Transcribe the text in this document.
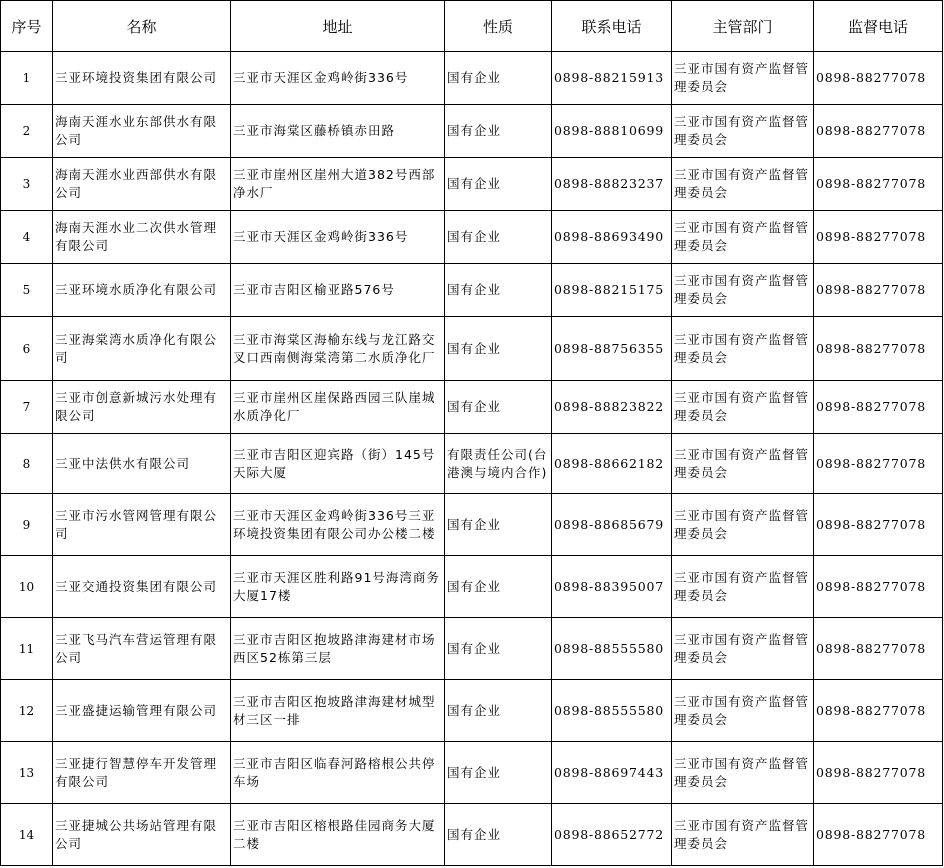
序号	名称	地址	性质	联系电话	主管部门	监督电话
1	三亚环境投资集团有限公司	三亚市天涯区金鸡岭街336号	国有企业	0898-88215913	三亚市国有资产监督管理委员会	0898-88277078
2	海南天涯水业东部供水有限公司	三亚市海棠区藤桥镇赤田路	国有企业	0898-88810699	三亚市国有资产监督管理委员会	0898-88277078
3	海南天涯水业西部供水有限公司	三亚市崖州区崖州大道382号西部净水厂	国有企业	0898-88823237	三亚市国有资产监督管理委员会	0898-88277078
4	海南天涯水业二次供水管理有限公司	三亚市天涯区金鸡岭街336号	国有企业	0898-88693490	三亚市国有资产监督管理委员会	0898-88277078
5	三亚环境水质净化有限公司	三亚市吉阳区榆亚路576号	国有企业	0898-88215175	三亚市国有资产监督管理委员会	0898-88277078
6	三亚海棠湾水质净化有限公司	三亚市海棠区海榆东线与龙江路交叉口西南侧海棠湾第二水质净化厂	国有企业	0898-88756355	三亚市国有资产监督管理委员会	0898-88277078
7	三亚市创意新城污水处理有限公司	三亚市崖州区崖保路西园三队崖城水质净化厂	国有企业	0898-88823822	三亚市国有资产监督管理委员会	0898-88277078
8	三亚中法供水有限公司	三亚市吉阳区迎宾路（街）145号天际大厦	有限责任公司(台港澳与境内合作)	0898-88662182	三亚市国有资产监督管理委员会	0898-88277078
9	三亚市污水管网管理有限公司	三亚市天涯区金鸡岭街336号三亚环境投资集团有限公司办公楼二楼	国有企业	0898-88685679	三亚市国有资产监督管理委员会	0898-88277078
10	三亚交通投资集团有限公司	三亚市天涯区胜利路91号海湾商务大厦17楼	国有企业	0898-88395007	三亚市国有资产监督管理委员会	0898-88277078
11	三亚飞马汽车营运管理有限公司	三亚市吉阳区抱坡路津海建材市场西区52栋第三层	国有企业	0898-88555580	三亚市国有资产监督管理委员会	0898-88277078
12	三亚盛捷运输管理有限公司	三亚市吉阳区抱坡路津海建材城型材三区一排	国有企业	0898-88555580	三亚市国有资产监督管理委员会	0898-88277078
13	三亚捷行智慧停车开发管理有限公司	三亚市吉阳区临春河路榕根公共停车场	国有企业	0898-88697443	三亚市国有资产监督管理委员会	0898-88277078
14	三亚捷城公共场站管理有限公司	三亚市吉阳区榕根路佳园商务大厦二楼	国有企业	0898-88652772	三亚市国有资产监督管理委员会	0898-88277078
